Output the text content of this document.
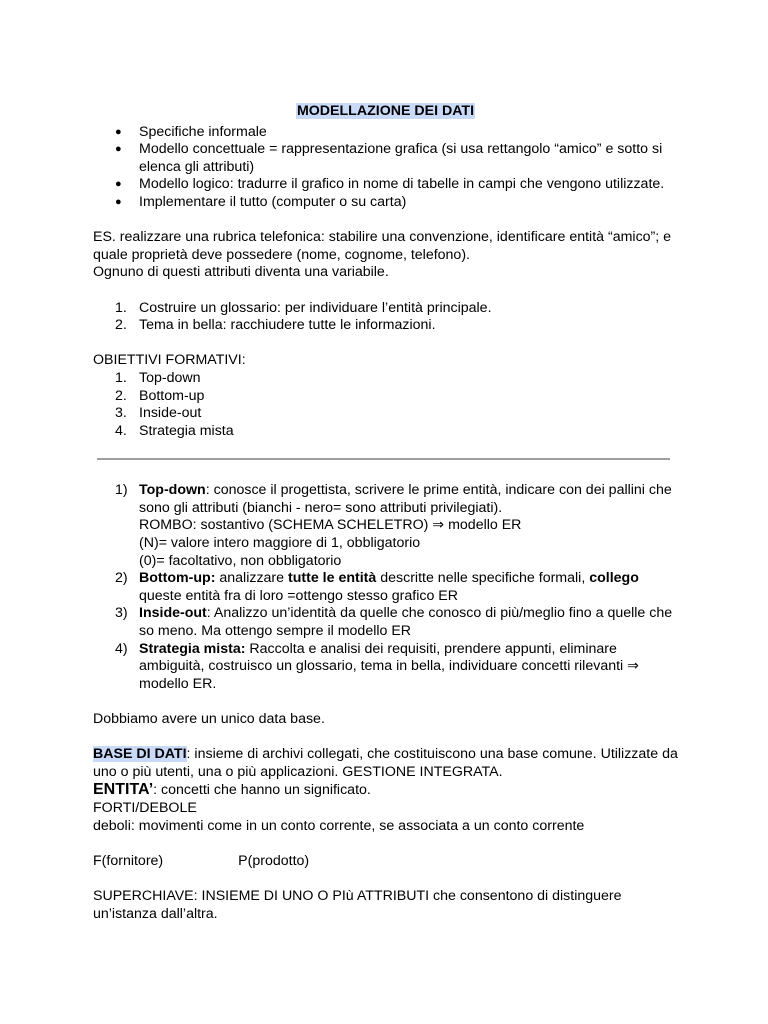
MODELLAZIONE DEI DATI

● Specifiche informale
● Modello concettuale = rappresentazione grafica (si usa rettangolo “amico” e sotto si elenca gli attributi)
● Modello logico: tradurre il grafico in nome di tabelle in campi che vengono utilizzate.
● Implementare il tutto (computer o su carta)

ES. realizzare una rubrica telefonica: stabilire una convenzione, identificare entità “amico”; e quale proprietà deve possedere (nome, cognome, telefono).

Ognuno di questi attributi diventa una variabile.

1. Costruire un glossario: per individuare l’entità principale.
2. Tema in bella: racchiudere tutte le informazioni.

OBIETTIVI FORMATIVI:

1. Top-down
2. Bottom-up
3. Inside-out
4. Strategia mista
1) Top-down: conosce il progettista, scrivere le prime entità, indicare con dei pallini che sono gli attributi (bianchi - nero= sono attributi privilegiati).
ROMBO: sostantivo (SCHEMA SCHELETRO) ⇒ modello ER
(N)= valore intero maggiore di 1, obbligatorio
(0)= facoltativo, non obbligatorio
2) Bottom-up: analizzare tutte le entità descritte nelle specifiche formali, collego queste entità fra di loro =ottengo stesso grafico ER
3) Inside-out: Analizzo un’identità da quelle che conosco di più/meglio fino a quelle che so meno. Ma ottengo sempre il modello ER
4) Strategia mista: Raccolta e analisi dei requisiti, prendere appunti, eliminare ambiguità, costruisco un glossario, tema in bella, individuare concetti rilevanti ⇒ modello ER.

Dobbiamo avere un unico data base.

BASE DI DATI: insieme di archivi collegati, che costituiscono una base comune. Utilizzate da uno o più utenti, una o più applicazioni. GESTIONE INTEGRATA.

ENTITA’: concetti che hanno un significato.

FORTI/DEBOLE

deboli: movimenti come in un conto corrente, se associata a un conto corrente

F(fornitore)	P(prodotto)

SUPERCHIAVE: INSIEME DI UNO O PIù ATTRIBUTI che consentono di distinguere un’istanza dall’altra.
